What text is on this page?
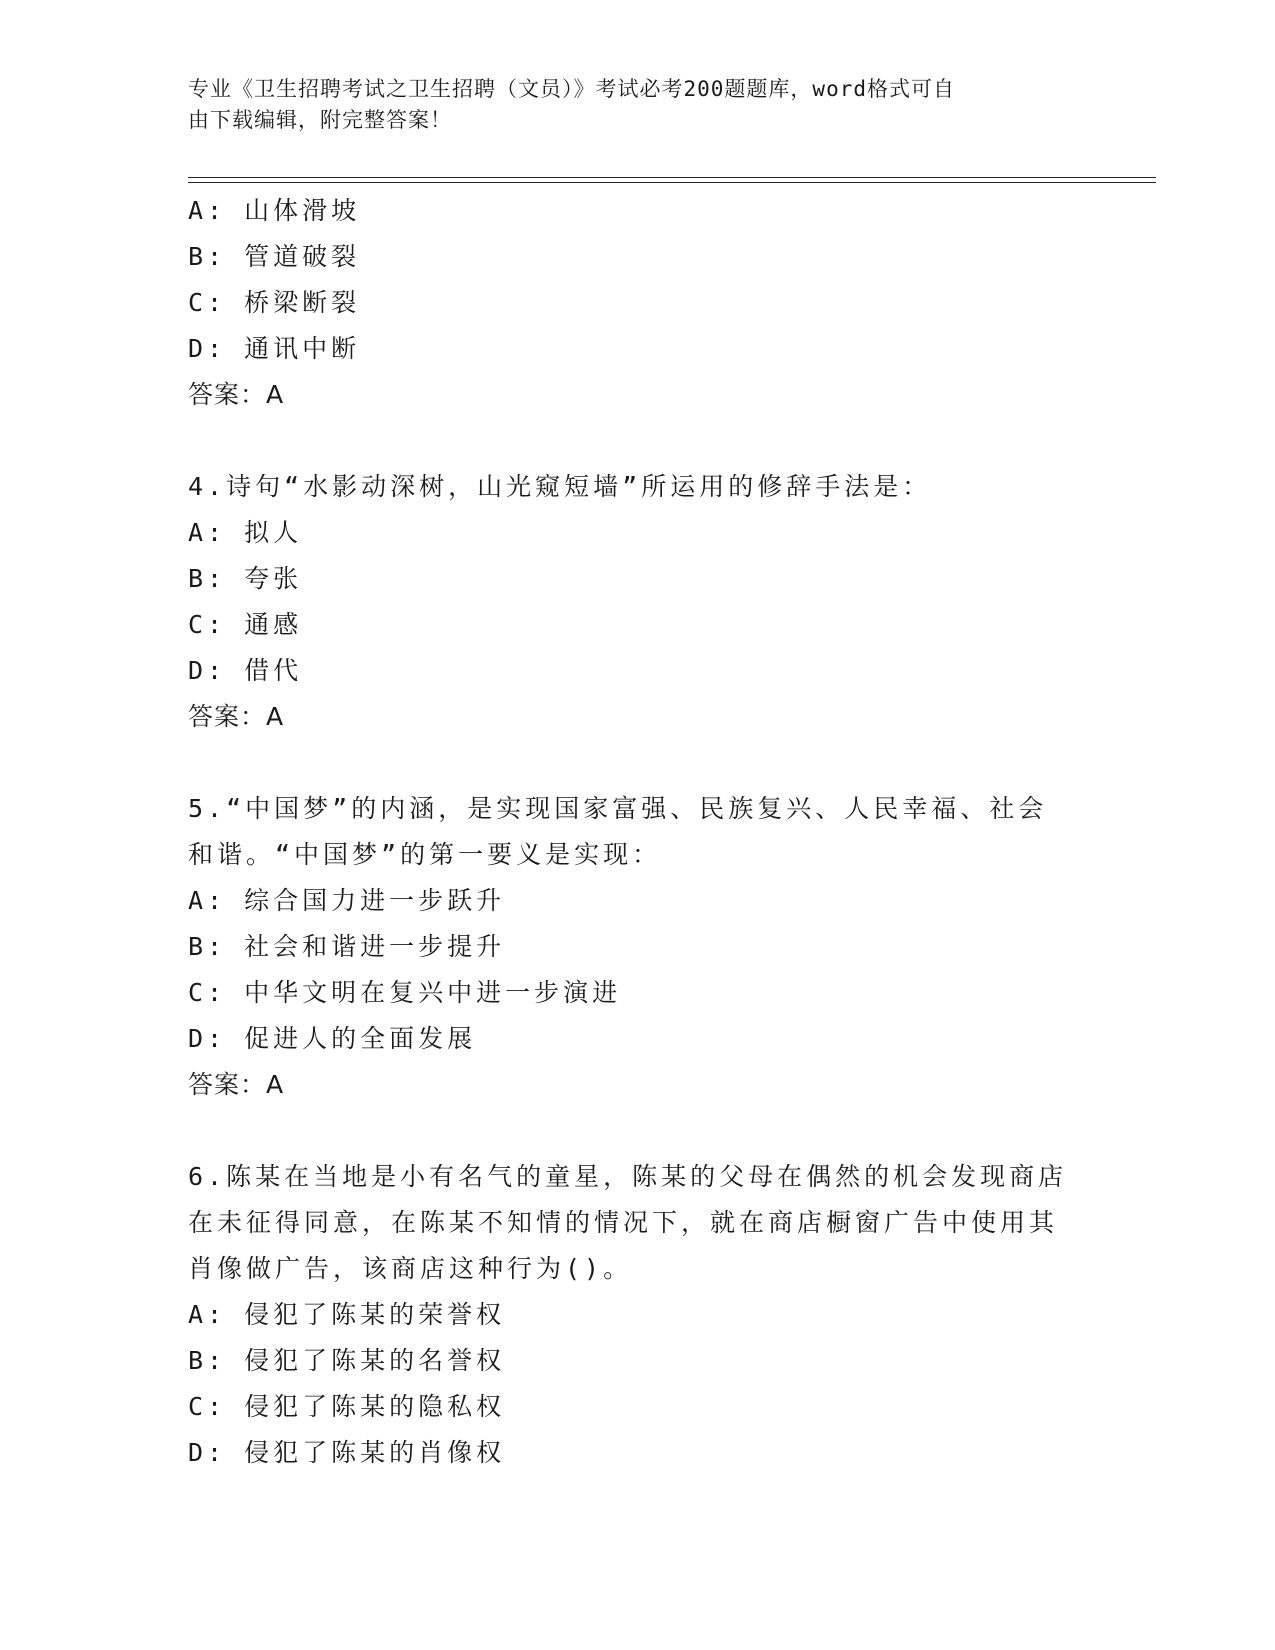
专业《卫生招聘考试之卫生招聘（文员）》考试必考200题题库，word格式可自
由下载编辑，附完整答案！
A: 山体滑坡
B: 管道破裂
C: 桥梁断裂
D: 通讯中断
答案：A
4.诗句“水影动深树，山光窥短墙”所运用的修辞手法是：
A: 拟人
B: 夸张
C: 通感
D: 借代
答案：A
5.“中国梦”的内涵，是实现国家富强、民族复兴、人民幸福、社会
和谐。“中国梦”的第一要义是实现：
A: 综合国力进一步跃升
B: 社会和谐进一步提升
C: 中华文明在复兴中进一步演进
D: 促进人的全面发展
答案：A
6.陈某在当地是小有名气的童星，陈某的父母在偶然的机会发现商店
在未征得同意，在陈某不知情的情况下，就在商店橱窗广告中使用其
肖像做广告，该商店这种行为()。
A: 侵犯了陈某的荣誉权
B: 侵犯了陈某的名誉权
C: 侵犯了陈某的隐私权
D: 侵犯了陈某的肖像权
